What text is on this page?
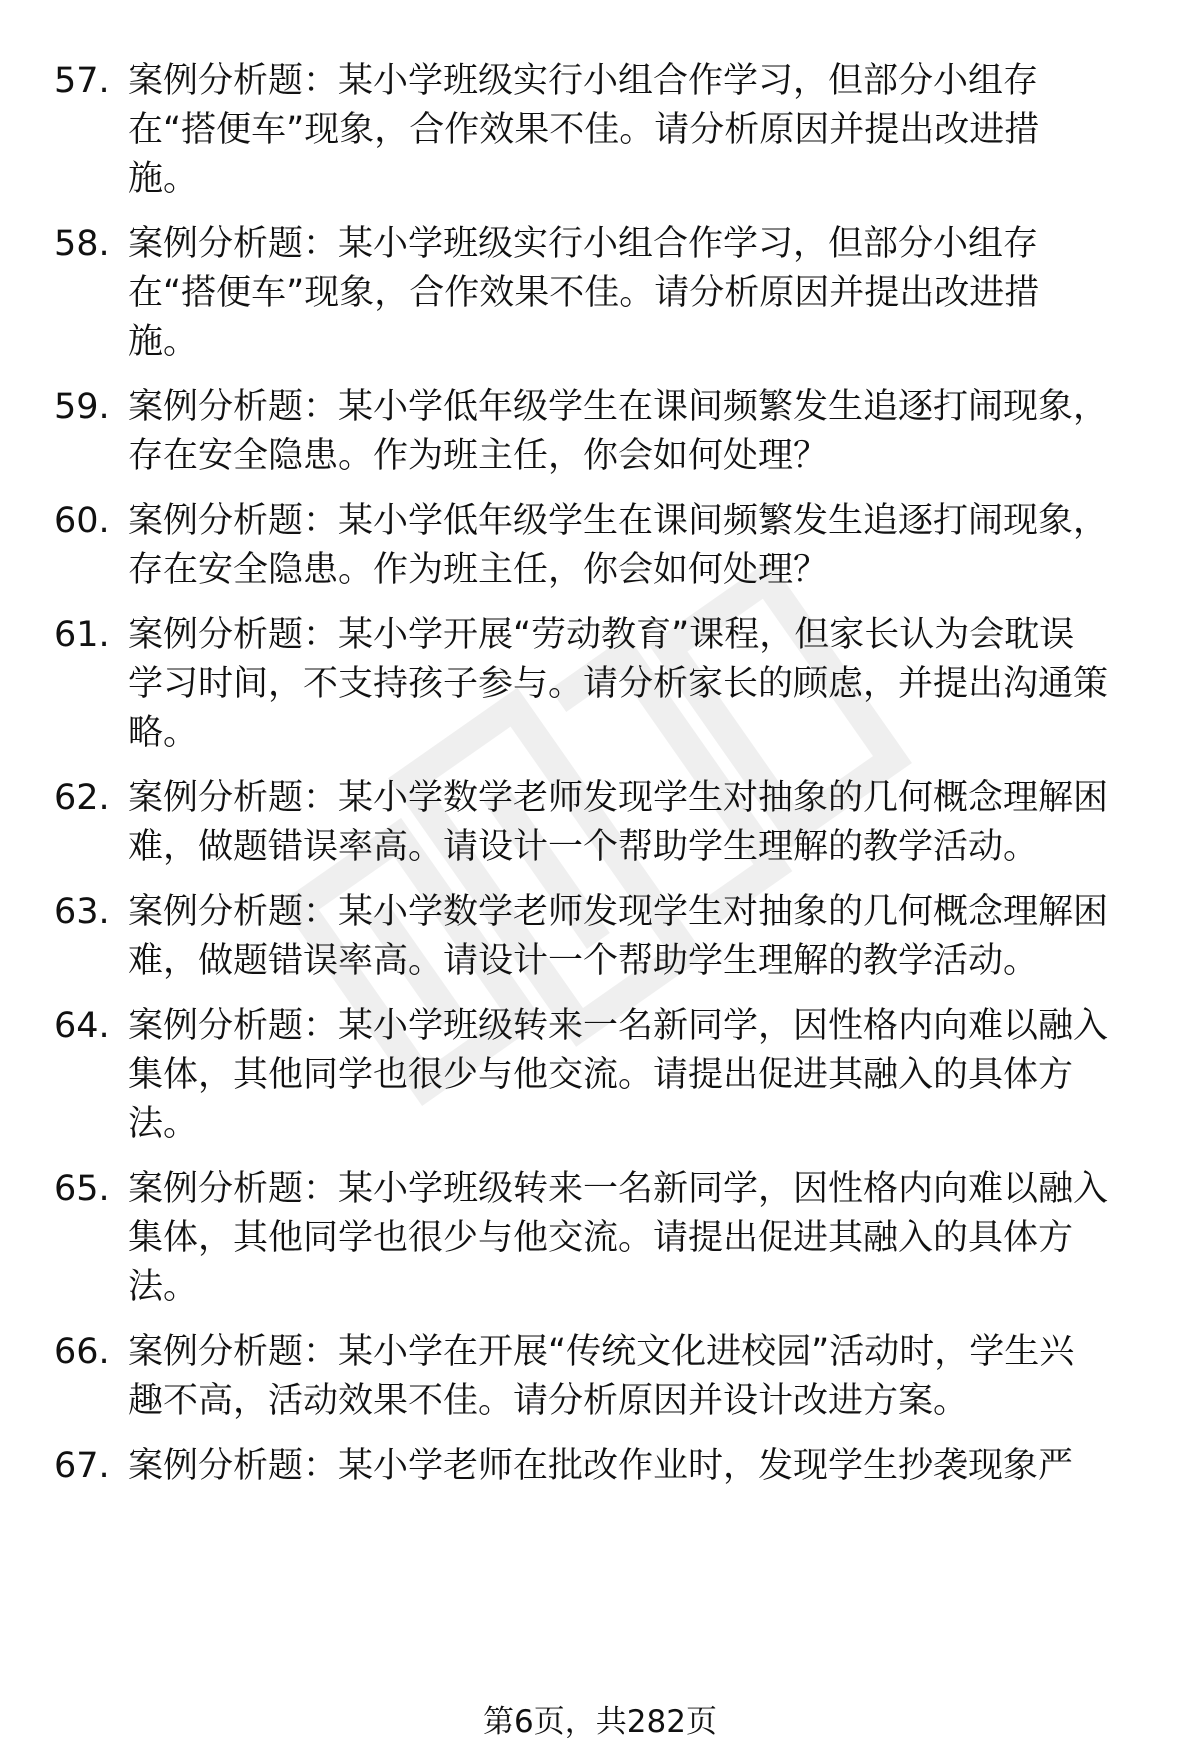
57. 案例分析题：某小学班级实行小组合作学习，但部分小组存
在“搭便车”现象，合作效果不佳。请分析原因并提出改进措
施。
58. 案例分析题：某小学班级实行小组合作学习，但部分小组存
在“搭便车”现象，合作效果不佳。请分析原因并提出改进措
施。
59. 案例分析题：某小学低年级学生在课间频繁发生追逐打闹现象，
存在安全隐患。作为班主任，你会如何处理？
60. 案例分析题：某小学低年级学生在课间频繁发生追逐打闹现象，
存在安全隐患。作为班主任，你会如何处理？
61. 案例分析题：某小学开展“劳动教育”课程，但家长认为会耽误
学习时间，不支持孩子参与。请分析家长的顾虑，并提出沟通策
略。
62. 案例分析题：某小学数学老师发现学生对抽象的几何概念理解困
难，做题错误率高。请设计一个帮助学生理解的教学活动。
63. 案例分析题：某小学数学老师发现学生对抽象的几何概念理解困
难，做题错误率高。请设计一个帮助学生理解的教学活动。
64. 案例分析题：某小学班级转来一名新同学，因性格内向难以融入
集体，其他同学也很少与他交流。请提出促进其融入的具体方
法。
65. 案例分析题：某小学班级转来一名新同学，因性格内向难以融入
集体，其他同学也很少与他交流。请提出促进其融入的具体方
法。
66. 案例分析题：某小学在开展“传统文化进校园”活动时，学生兴
趣不高，活动效果不佳。请分析原因并设计改进方案。
67. 案例分析题：某小学老师在批改作业时，发现学生抄袭现象严
第6页，共282页
